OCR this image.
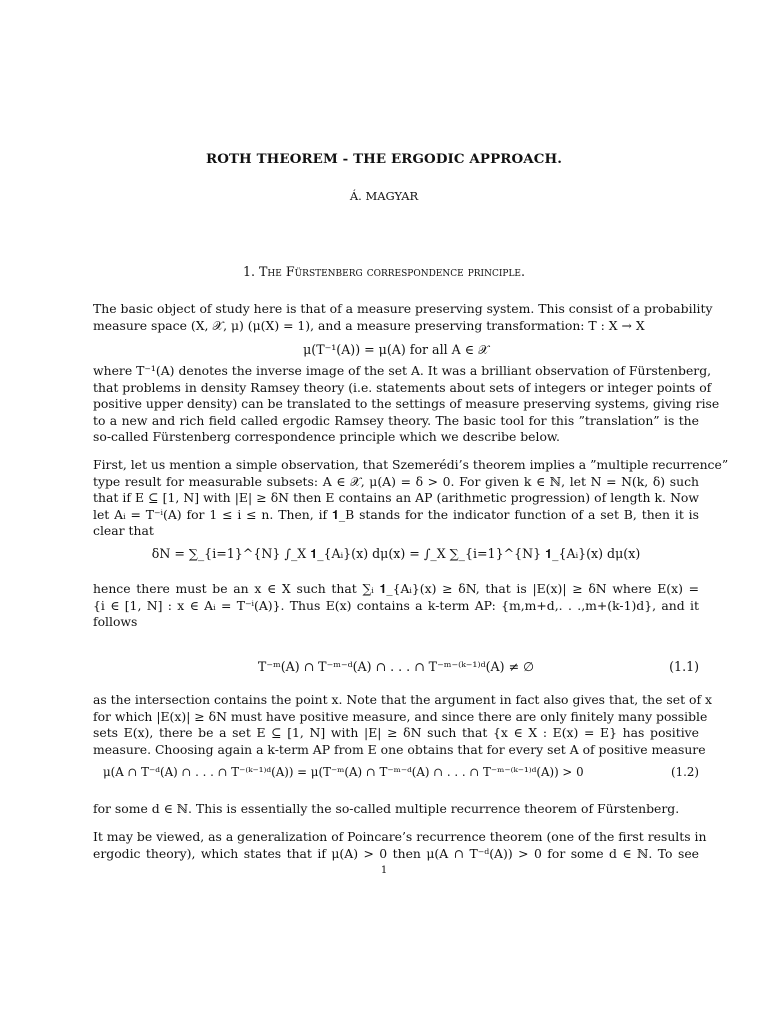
ROTH THEOREM - THE ERGODIC APPROACH.
Á. MAGYAR
1. The Fürstenberg correspondence principle.
The basic object of study here is that of a measure preserving system. This consist of a probability
measure space (X, 𝒳, μ) (μ(X) = 1), and a measure preserving transformation: T : X → X
μ(T⁻¹(A)) = μ(A) for all A ∈ 𝒳
where T⁻¹(A) denotes the inverse image of the set A. It was a brilliant observation of Fürstenberg,
that problems in density Ramsey theory (i.e. statements about sets of integers or integer points of
positive upper density) can be translated to the settings of measure preserving systems, giving rise
to a new and rich field called ergodic Ramsey theory. The basic tool for this ”translation” is the
so-called Fürstenberg correspondence principle which we describe below.
First, let us mention a simple observation, that Szemerédi’s theorem implies a ”multiple recurrence”
type result for measurable subsets: A ∈ 𝒳, μ(A) = δ > 0. For given k ∈ ℕ, let N = N(k, δ) such
that if E ⊆ [1, N] with |E| ≥ δN then E contains an AP (arithmetic progression) of length k. Now
let Aᵢ = T⁻ⁱ(A) for 1 ≤ i ≤ n. Then, if 𝟏_B stands for the indicator function of a set B, then it is
clear that
δN = ∑_{i=1}^{N} ∫_X 𝟏_{Aᵢ}(x) dμ(x) = ∫_X ∑_{i=1}^{N} 𝟏_{Aᵢ}(x) dμ(x)
hence there must be an x ∈ X such that ∑ᵢ 𝟏_{Aᵢ}(x) ≥ δN, that is |E(x)| ≥ δN where E(x) =
{i ∈ [1, N] : x ∈ Aᵢ = T⁻ⁱ(A)}. Thus E(x) contains a k-term AP: {m,m+d,. . .,m+(k-1)d}, and it
follows
T⁻ᵐ(A) ∩ T⁻ᵐ⁻ᵈ(A) ∩ . . . ∩ T⁻ᵐ⁻⁽ᵏ⁻¹⁾ᵈ(A) ≠ ∅	(1.1)
as the intersection contains the point x. Note that the argument in fact also gives that, the set of x
for which |E(x)| ≥ δN must have positive measure, and since there are only finitely many possible
sets E(x), there be a set E ⊆ [1, N] with |E| ≥ δN such that {x ∈ X : E(x) = E} has positive
measure. Choosing again a k-term AP from E one obtains that for every set A of positive measure
μ(A ∩ T⁻ᵈ(A) ∩ . . . ∩ T⁻⁽ᵏ⁻¹⁾ᵈ(A)) = μ(T⁻ᵐ(A) ∩ T⁻ᵐ⁻ᵈ(A) ∩ . . . ∩ T⁻ᵐ⁻⁽ᵏ⁻¹⁾ᵈ(A)) > 0	(1.2)
for some d ∈ ℕ. This is essentially the so-called multiple recurrence theorem of Fürstenberg.
It may be viewed, as a generalization of Poincare’s recurrence theorem (one of the first results in
ergodic theory), which states that if μ(A) > 0 then μ(A ∩ T⁻ᵈ(A)) > 0 for some d ∈ ℕ. To see
1
